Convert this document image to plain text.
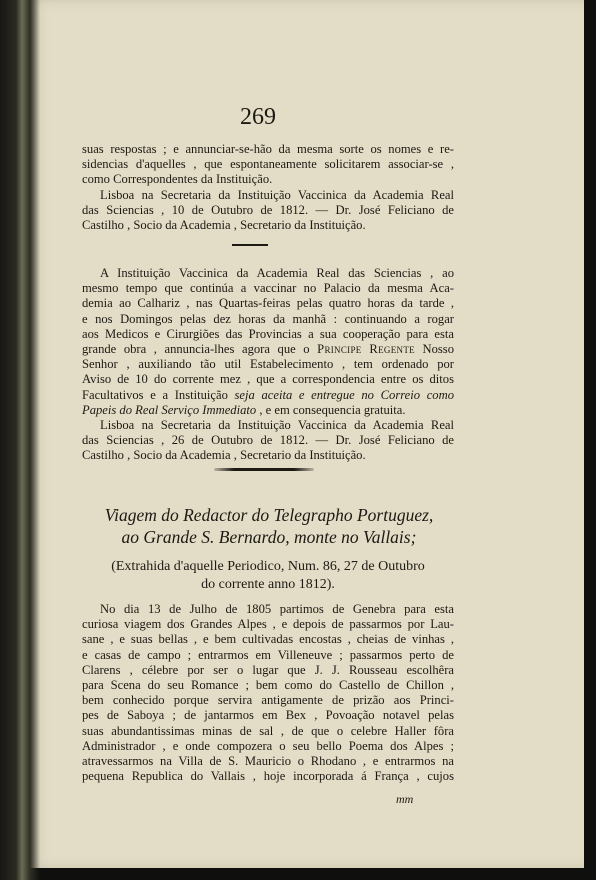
269
suas respostas ; e annunciar-se-hão da mesma sorte os nomes e re-
sidencias d'aquelles , que espontaneamente solicitarem associar-se ,
como Correspondentes da Instituição.
Lisboa na Secretaria da Instituição Vaccinica da Academia Real
das Sciencias , 10 de Outubro de 1812. — Dr. José Feliciano de
Castilho , Socio da Academia , Secretario da Instituição.
A Instituição Vaccinica da Academia Real das Sciencias , ao
mesmo tempo que continúa a vaccinar no Palacio da mesma Aca-
demia ao Calhariz , nas Quartas-feiras pelas quatro horas da tarde ,
e nos Domingos pelas dez horas da manhã : continuando a rogar
aos Medicos e Cirurgiões das Provincias a sua cooperação para esta
grande obra , annuncia-lhes agora que o Principe Regente Nosso
Senhor , auxiliando tão util Estabelecimento , tem ordenado por
Aviso de 10 do corrente mez , que a correspondencia entre os ditos
Facultativos e a Instituição seja aceita e entregue no Correio como
Papeis do Real Serviço Immediato , e em consequencia gratuita.
Lisboa na Secretaria da Instituição Vaccinica da Academia Real
das Sciencias , 26 de Outubro de 1812. — Dr. José Feliciano de
Castilho , Socio da Academia , Secretario da Instituição.
Viagem do Redactor do Telegrapho Portuguez,
ao Grande S. Bernardo, monte no Vallais;
(Extrahida d'aquelle Periodico, Num. 86, 27 de Outubro
do corrente anno 1812).
No dia 13 de Julho de 1805 partimos de Genebra para esta
curiosa viagem dos Grandes Alpes , e depois de passarmos por Lau-
sane , e suas bellas , e bem cultivadas encostas , cheias de vinhas ,
e casas de campo ; entrarmos em Villeneuve ; passarmos perto de
Clarens , célebre por ser o lugar que J. J. Rousseau escolhêra
para Scena do seu Romance ; bem como do Castello de Chillon ,
bem conhecido porque servira antigamente de prizão aos Princi-
pes de Saboya ; de jantarmos em Bex , Povoação notavel pelas
suas abundantissimas minas de sal , de que o celebre Haller fôra
Administrador , e onde compozera o seu bello Poema dos Alpes ;
atravessarmos na Villa de S. Mauricio o Rhodano , e entrarmos na
pequena Republica do Vallais , hoje incorporada á França , cujos
mm
